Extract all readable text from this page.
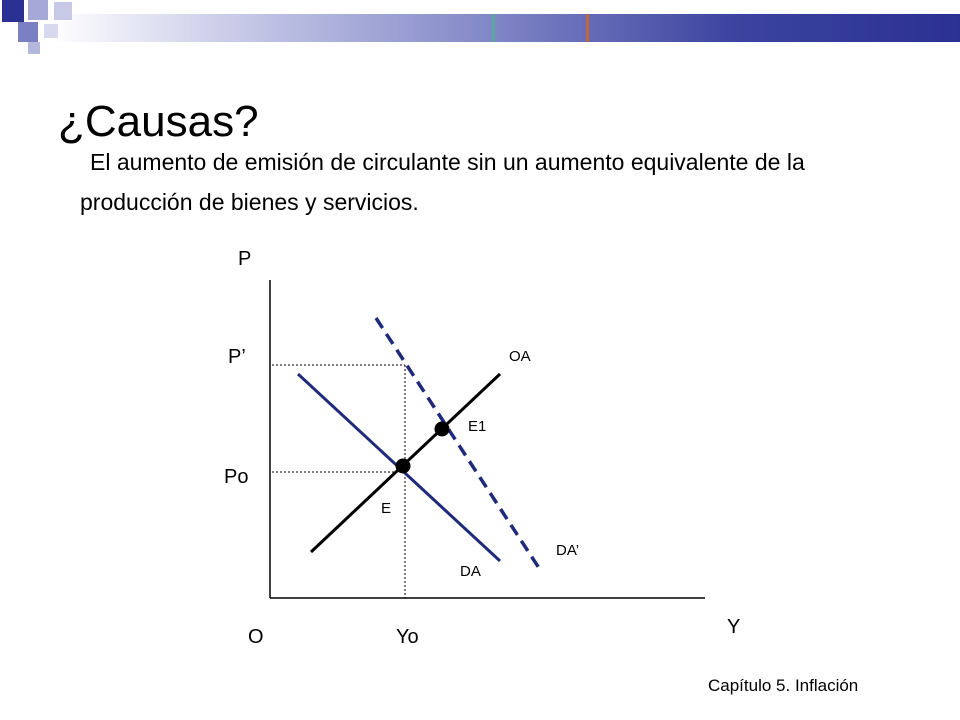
¿Causas?
El aumento de emisión de circulante sin un aumento equivalente de la producción de bienes y servicios.
P
Y
O
P’
Po
Yo
OA
DA
DA’
E
E1
Capítulo 5. Inflación
